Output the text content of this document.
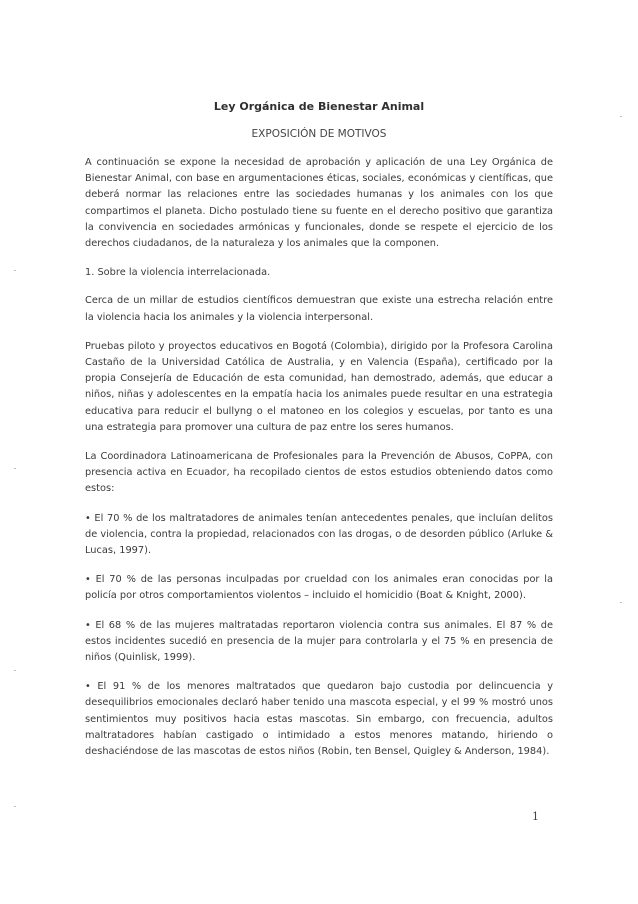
Ley Orgánica de Bienestar Animal
EXPOSICIÓN DE MOTIVOS

A continuación se expone la necesidad de aprobación y aplicación de una Ley Orgánica de Bienestar Animal, con base en argumentaciones éticas, sociales, económicas y científicas, que deberá normar las relaciones entre las sociedades humanas y los animales con los que compartimos el planeta. Dicho postulado tiene su fuente en el derecho positivo que garantiza la convivencia en sociedades armónicas y funcionales, donde se respete el ejercicio de los derechos ciudadanos, de la naturaleza y los animales que la componen.

1. Sobre la violencia interrelacionada.

Cerca de un millar de estudios científicos demuestran que existe una estrecha relación entre la violencia hacia los animales y la violencia interpersonal.

Pruebas piloto y proyectos educativos en Bogotá (Colombia), dirigido por la Profesora Carolina Castaño de la Universidad Católica de Australia, y en Valencia (España), certificado por la propia Consejería de Educación de esta comunidad, han demostrado, además, que educar a niños, niñas y adolescentes en la empatía hacia los animales puede resultar en una estrategia educativa para reducir el bullyng o el matoneo en los colegios y escuelas, por tanto es una una estrategia para promover una cultura de paz entre los seres humanos.

La Coordinadora Latinoamericana de Profesionales para la Prevención de Abusos, CoPPA, con presencia activa en Ecuador, ha recopilado cientos de estos estudios obteniendo datos como estos:

• El 70 % de los maltratadores de animales tenían antecedentes penales, que incluían delitos de violencia, contra la propiedad, relacionados con las drogas, o de desorden público (Arluke & Lucas, 1997).

• El 70 % de las personas inculpadas por crueldad con los animales eran conocidas por la policía por otros comportamientos violentos – incluido el homicidio (Boat & Knight, 2000).

• El 68 % de las mujeres maltratadas reportaron violencia contra sus animales. El 87 % de estos incidentes sucedió en presencia de la mujer para controlarla y el 75 % en presencia de niños (Quinlisk, 1999).

• El 91 % de los menores maltratados que quedaron bajo custodia por delincuencia y desequilibrios emocionales declaró haber tenido una mascota especial, y el 99 % mostró unos sentimientos muy positivos hacia estas mascotas. Sin embargo, con frecuencia, adultos maltratadores habían castigado o intimidado a estos menores matando, hiriendo o deshaciéndose de las mascotas de estos niños (Robin, ten Bensel, Quigley & Anderson, 1984).

1
